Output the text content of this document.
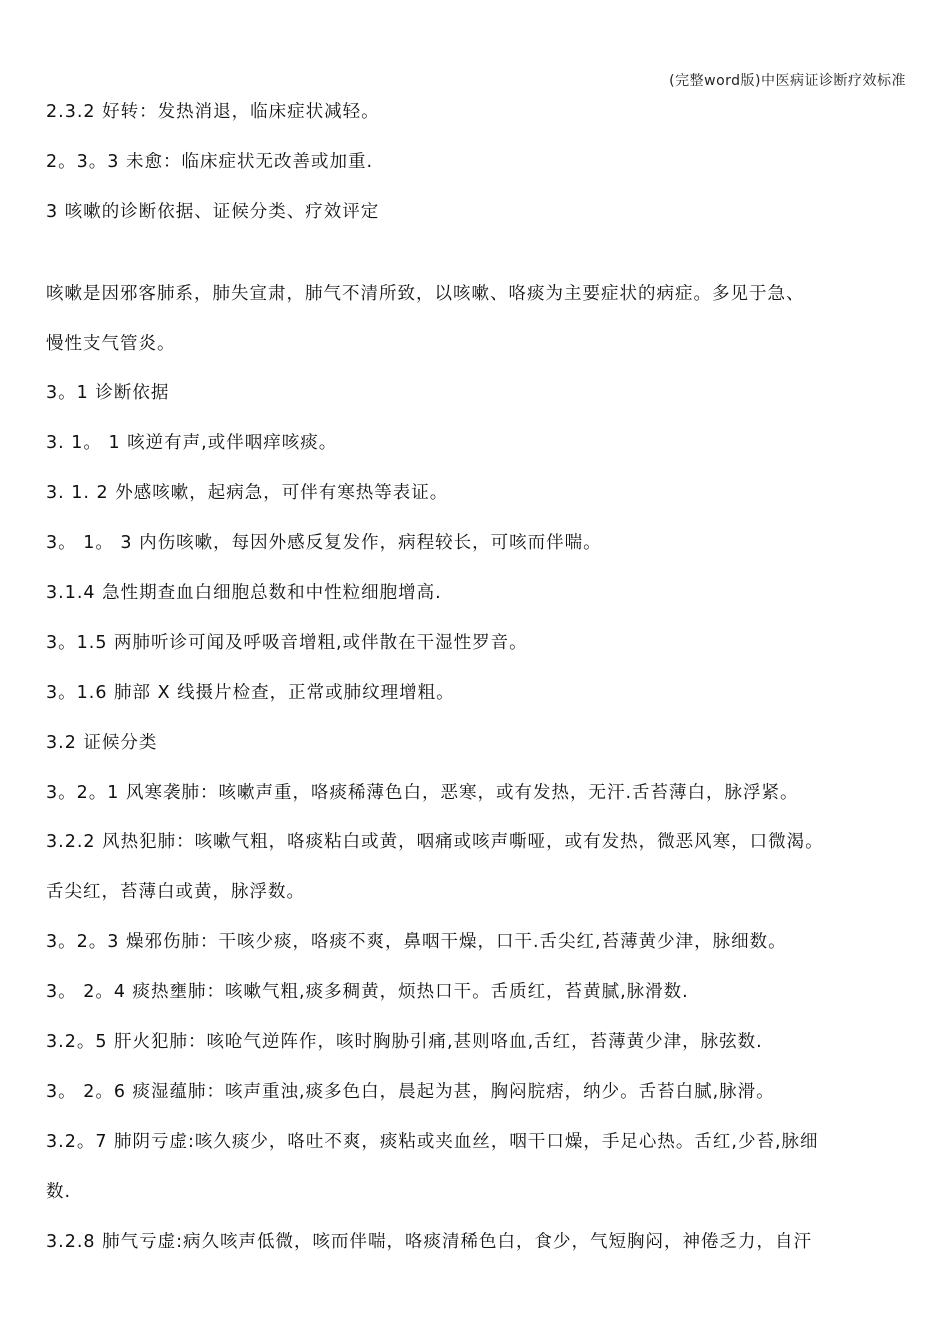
(完整word版)中医病证诊断疗效标准
2.3.2 好转：发热消退，临床症状减轻。
2。3。3 未愈：临床症状无改善或加重.
3 咳嗽的诊断依据、证候分类、疗效评定
咳嗽是因邪客肺系，肺失宣肃，肺气不清所致，以咳嗽、咯痰为主要症状的病症。多见于急、
慢性支气管炎。
3。1 诊断依据
3. 1。 1 咳逆有声,或伴咽痒咳痰。
3. 1. 2 外感咳嗽，起病急，可伴有寒热等表证。
3。 1。 3 内伤咳嗽，每因外感反复发作，病程较长，可咳而伴喘。
3.1.4 急性期查血白细胞总数和中性粒细胞增高.
3。1.5 两肺听诊可闻及呼吸音增粗,或伴散在干湿性罗音。
3。1.6 肺部 X 线摄片检查，正常或肺纹理增粗。
3.2 证候分类
3。2。1 风寒袭肺：咳嗽声重，咯痰稀薄色白，恶寒，或有发热，无汗.舌苔薄白，脉浮紧。
3.2.2 风热犯肺：咳嗽气粗，咯痰粘白或黄，咽痛或咳声嘶哑，或有发热，微恶风寒，口微渴。
舌尖红，苔薄白或黄，脉浮数。
3。2。3 燥邪伤肺：干咳少痰，咯痰不爽，鼻咽干燥，口干.舌尖红,苔薄黄少津，脉细数。
3。 2。4 痰热壅肺：咳嗽气粗,痰多稠黄，烦热口干。舌质红，苔黄腻,脉滑数.
3.2。5 肝火犯肺：咳呛气逆阵作，咳时胸胁引痛,甚则咯血,舌红，苔薄黄少津，脉弦数.
3。 2。6 痰湿蕴肺：咳声重浊,痰多色白，晨起为甚，胸闷脘痞，纳少。舌苔白腻,脉滑。
3.2。7 肺阴亏虚:咳久痰少，咯吐不爽，痰粘或夹血丝，咽干口燥，手足心热。舌红,少苔,脉细
数.
3.2.8 肺气亏虚:病久咳声低微，咳而伴喘，咯痰清稀色白，食少，气短胸闷，神倦乏力，自汗
